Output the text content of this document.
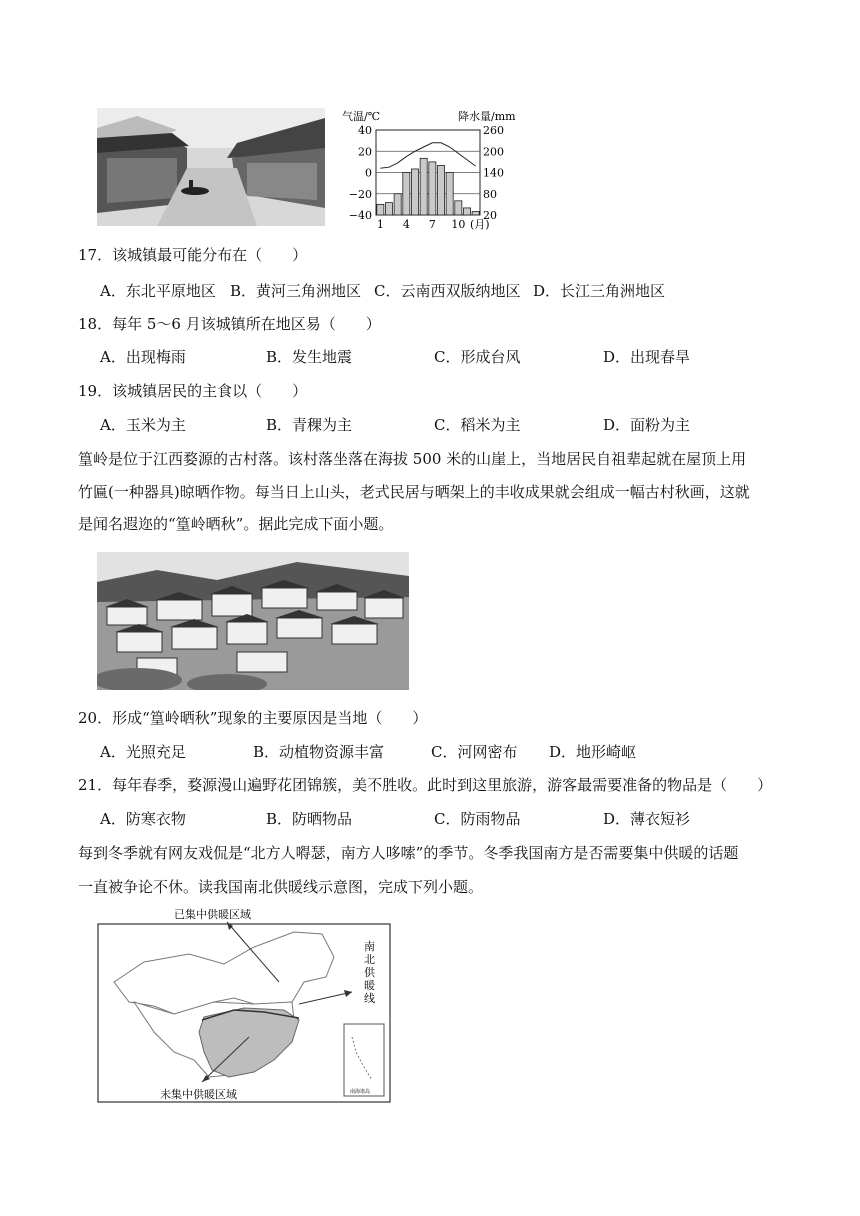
气温/℃	降水量/mm
40
20
0
−20
−40
260
200
140
80
20
1 4 7 10 (月)
17．该城镇最可能分布在（　　）
A．东北平原地区 B．黄河三角洲地区 C．云南西双版纳地区 D．长江三角洲地区
18．每年 5～6 月该城镇所在地区易（　　）
A．出现梅雨	B．发生地震	C．形成台风	D．出现春旱
19．该城镇居民的主食以（　　）
A．玉米为主	B．青稞为主	C．稻米为主	D．面粉为主
篁岭是位于江西婺源的古村落。该村落坐落在海拔 500 米的山崖上，当地居民自祖辈起就在屋顶上用
竹匾(一种器具)晾晒作物。每当日上山头，老式民居与晒架上的丰收成果就会组成一幅古村秋画，这就
是闻名遐迩的“篁岭晒秋”。据此完成下面小题。
20．形成“篁岭晒秋”现象的主要原因是当地（　　）
A．光照充足	B．动植物资源丰富	C．河网密布 D．地形崎岖
21．每年春季，婺源漫山遍野花团锦簇，美不胜收。此时到这里旅游，游客最需要准备的物品是（　　）
A．防寒衣物	B．防晒物品	C．防雨物品	D．薄衣短衫
每到冬季就有网友戏侃是“北方人嘚瑟，南方人哆嗦”的季节。冬季我国南方是否需要集中供暖的话题
一直被争论不休。读我国南北供暖线示意图，完成下列小题。
南海诸岛
已集中供暖区域
南北供暖线
未集中供暖区域
